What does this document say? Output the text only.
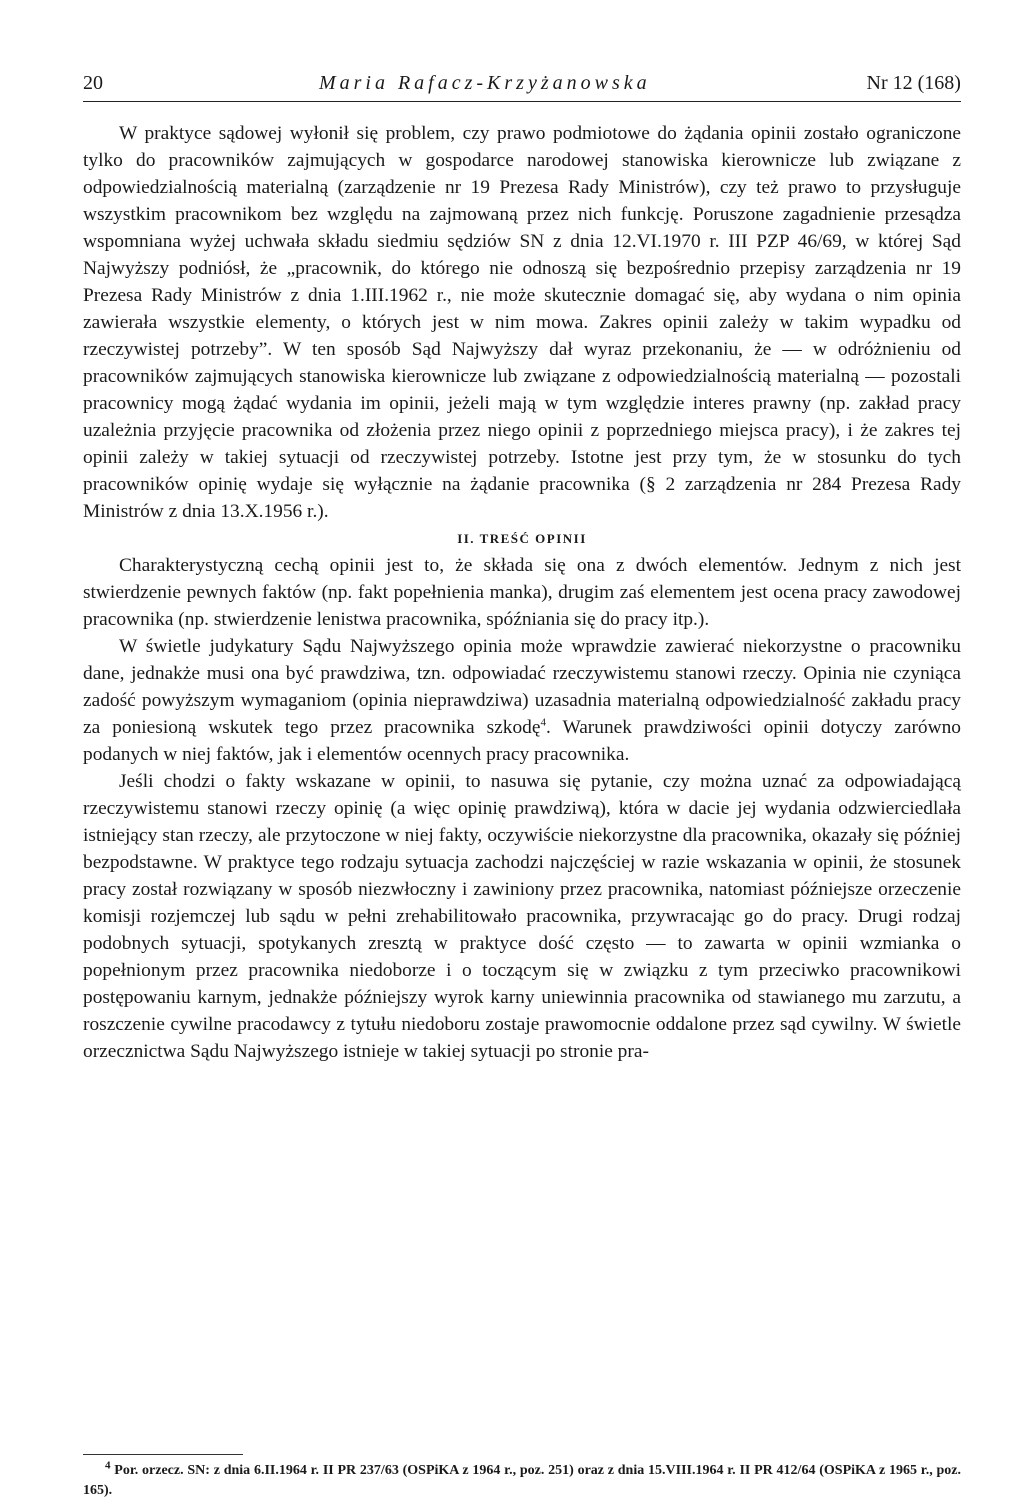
20	Maria Rafacz-Krzyżanowska	Nr 12 (168)

W praktyce sądowej wyłonił się problem, czy prawo podmiotowe do żądania opinii zostało ograniczone tylko do pracowników zajmujących w gospodarce narodowej stanowiska kierownicze lub związane z odpowiedzialnością materialną (zarządzenie nr 19 Prezesa Rady Ministrów), czy też prawo to przysługuje wszystkim pracownikom bez względu na zajmowaną przez nich funkcję. Poruszone zagadnienie przesądza wspomniana wyżej uchwała składu siedmiu sędziów SN z dnia 12.VI.1970 r. III PZP 46/69, w której Sąd Najwyższy podniósł, że „pracownik, do którego nie odnoszą się bezpośrednio przepisy zarządzenia nr 19 Prezesa Rady Ministrów z dnia 1.III.1962 r., nie może skutecznie domagać się, aby wydana o nim opinia zawierała wszystkie elementy, o których jest w nim mowa. Zakres opinii zależy w takim wypadku od rzeczywistej potrzeby”. W ten sposób Sąd Najwyższy dał wyraz przekonaniu, że — w odróżnieniu od pracowników zajmujących stanowiska kierownicze lub związane z odpowiedzialnością materialną — pozostali pracownicy mogą żądać wydania im opinii, jeżeli mają w tym względzie interes prawny (np. zakład pracy uzależnia przyjęcie pracownika od złożenia przez niego opinii z poprzedniego miejsca pracy), i że zakres tej opinii zależy w takiej sytuacji od rzeczywistej potrzeby. Istotne jest przy tym, że w stosunku do tych pracowników opinię wydaje się wyłącznie na żądanie pracownika (§ 2 zarządzenia nr 284 Prezesa Rady Ministrów z dnia 13.X.1956 r.).

II. TREŚĆ OPINII

Charakterystyczną cechą opinii jest to, że składa się ona z dwóch elementów. Jednym z nich jest stwierdzenie pewnych faktów (np. fakt popełnienia manka), drugim zaś elementem jest ocena pracy zawodowej pracownika (np. stwierdzenie lenistwa pracownika, spóźniania się do pracy itp.).

W świetle judykatury Sądu Najwyższego opinia może wprawdzie zawierać niekorzystne o pracowniku dane, jednakże musi ona być prawdziwa, tzn. odpowiadać rzeczywistemu stanowi rzeczy. Opinia nie czyniąca zadość powyższym wymaganiom (opinia nieprawdziwa) uzasadnia materialną odpowiedzialność zakładu pracy za poniesioną wskutek tego przez pracownika szkodę$^4$. Warunek prawdziwości opinii dotyczy zarówno podanych w niej faktów, jak i elementów ocennych pracy pracownika.

Jeśli chodzi o fakty wskazane w opinii, to nasuwa się pytanie, czy można uznać za odpowiadającą rzeczywistemu stanowi rzeczy opinię (a więc opinię prawdziwą), która w dacie jej wydania odzwierciedlała istniejący stan rzeczy, ale przytoczone w niej fakty, oczywiście niekorzystne dla pracownika, okazały się później bezpodstawne. W praktyce tego rodzaju sytuacja zachodzi najczęściej w razie wskazania w opinii, że stosunek pracy został rozwiązany w sposób niezwłoczny i zawiniony przez pracownika, natomiast późniejsze orzeczenie komisji rozjemczej lub sądu w pełni zrehabilitowało pracownika, przywracając go do pracy. Drugi rodzaj podobnych sytuacji, spotykanych zresztą w praktyce dość często — to zawarta w opinii wzmianka o popełnionym przez pracownika niedoborze i o toczącym się w związku z tym przeciwko pracownikowi postępowaniu karnym, jednakże późniejszy wyrok karny uniewinnia pracownika od stawianego mu zarzutu, a roszczenie cywilne pracodawcy z tytułu niedoboru zostaje prawomocnie oddalone przez sąd cywilny. W świetle orzecznictwa Sądu Najwyższego istnieje w takiej sytuacji po stronie pra-

$^4$ Por. orzecz. SN: z dnia 6.II.1964 r. II PR 237/63 (OSPiKA z 1964 r., poz. 251) oraz z dnia 15.VIII.1964 r. II PR 412/64 (OSPiKA z 1965 r., poz. 165).
